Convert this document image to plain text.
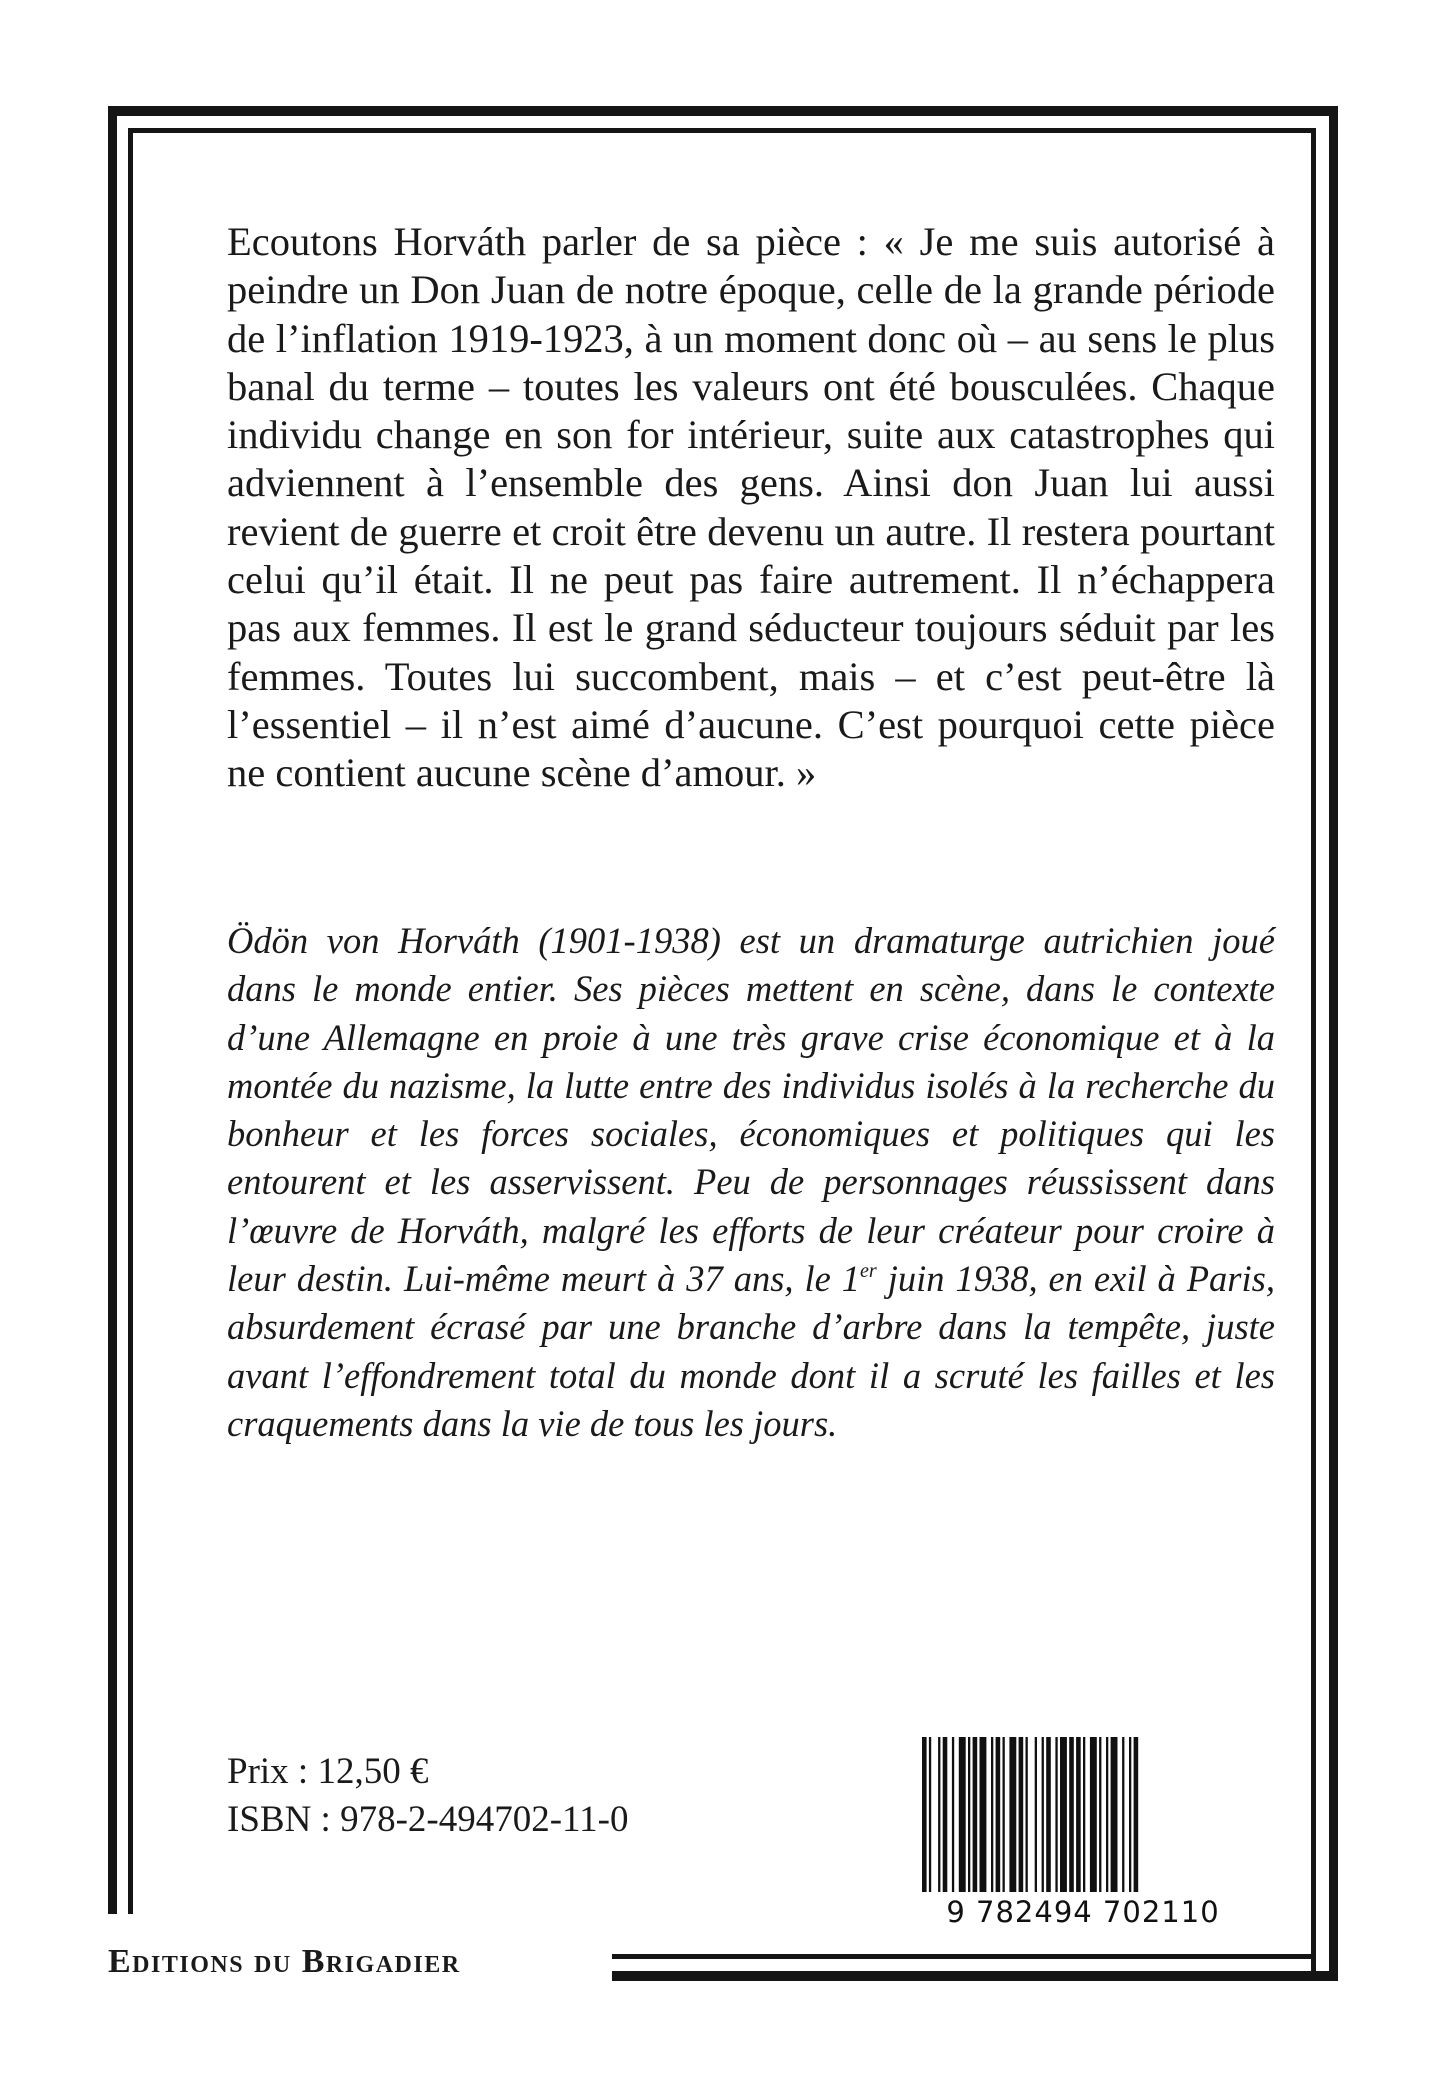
Ecoutons Horváth parler de sa pièce : « Je me suis autorisé à peindre un Don Juan de notre époque, celle de la grande période de l’inflation 1919-1923, à un moment donc où – au sens le plus banal du terme – toutes les valeurs ont été bousculées. Chaque individu change en son for intérieur, suite aux catastrophes qui adviennent à l’ensemble des gens. Ainsi don Juan lui aussi revient de guerre et croit être devenu un autre. Il restera pourtant celui qu’il était. Il ne peut pas faire autrement. Il n’échappera pas aux femmes. Il est le grand séducteur toujours séduit par les femmes. Toutes lui succombent, mais – et c’est peut-être là l’essentiel – il n’est aimé d’aucune. C’est pourquoi cette pièce ne contient aucune scène d’amour. »

Ödön von Horváth (1901-1938) est un dramaturge autrichien joué dans le monde entier. Ses pièces mettent en scène, dans le contexte d’une Allemagne en proie à une très grave crise économique et à la montée du nazisme, la lutte entre des individus isolés à la recherche du bonheur et les forces sociales, économiques et politiques qui les entourent et les asservissent. Peu de personnages réussissent dans l’œuvre de Horváth, malgré les efforts de leur créateur pour croire à leur destin. Lui-même meurt à 37 ans, le 1er juin 1938, en exil à Paris, absurdement écrasé par une branche d’arbre dans la tempête, juste avant l’effondrement total du monde dont il a scruté les failles et les craquements dans la vie de tous les jours.

Prix : 12,50 €
ISBN : 978-2-494702-11-0
9 782494 702110
Editions du Brigadier
